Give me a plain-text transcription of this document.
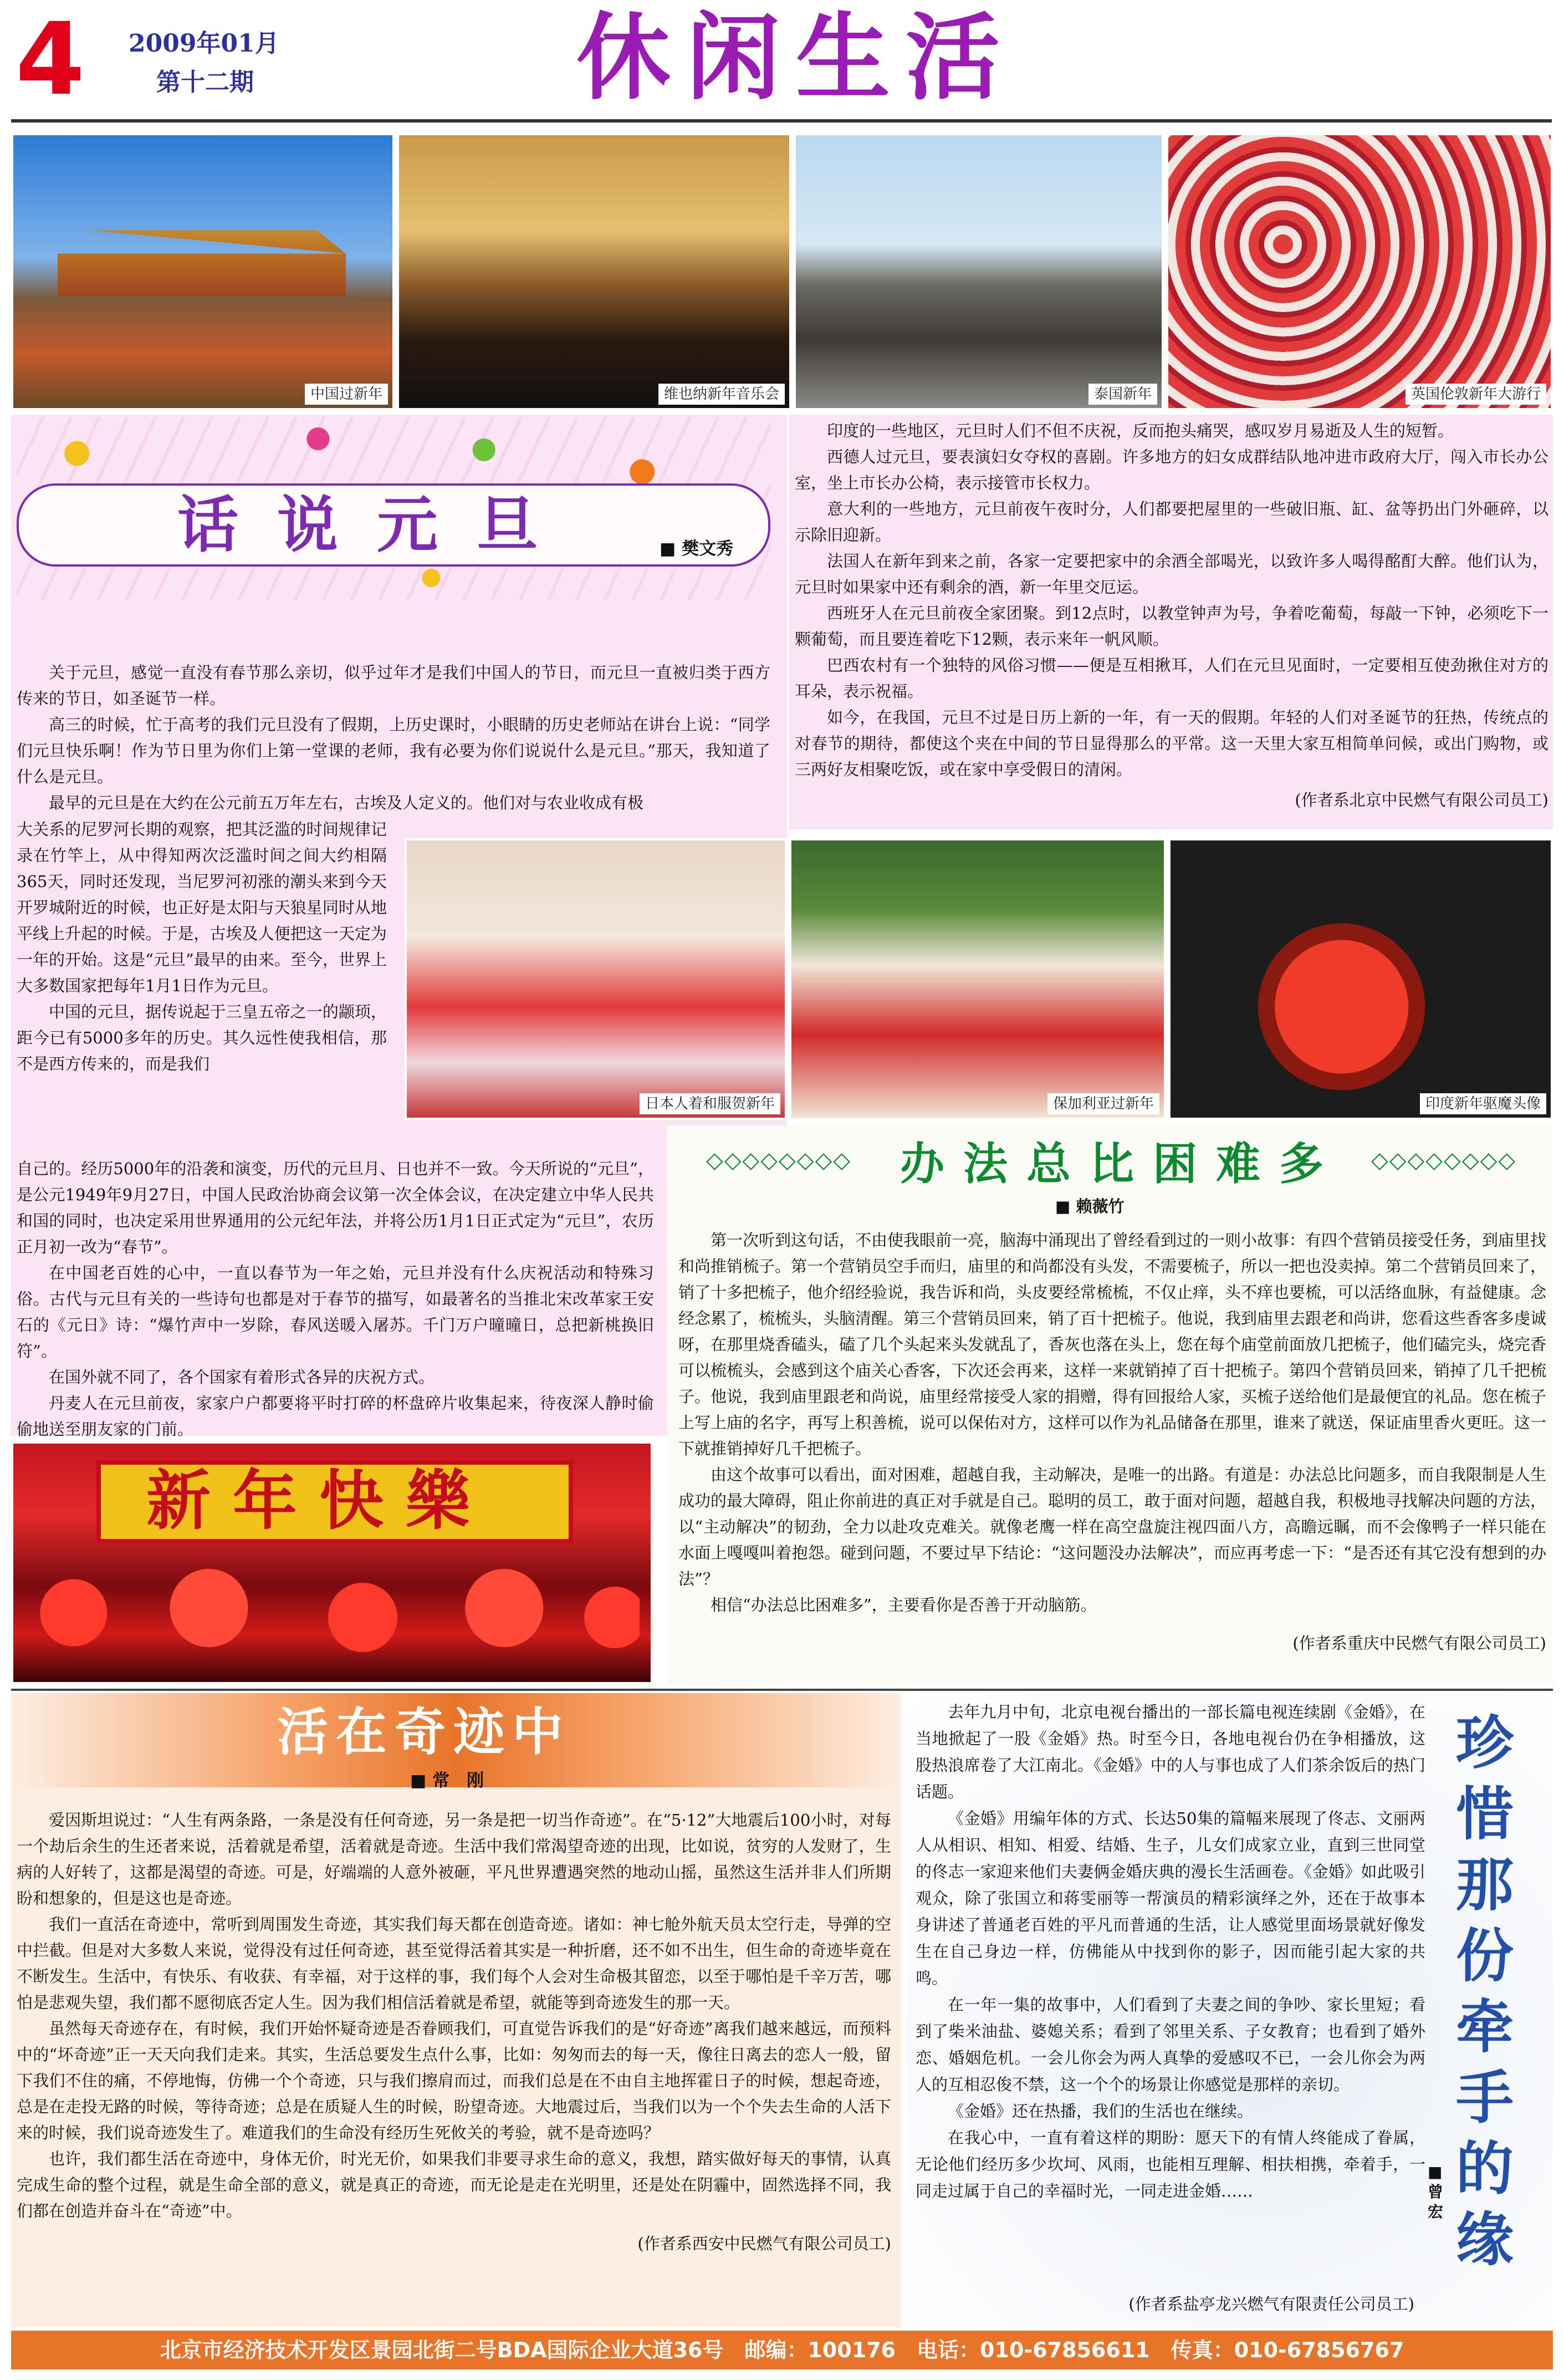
4 2009年01月
第十二期	休闲生活
中国过新年	维也纳新年音乐会	泰国新年	英国伦敦新年大游行
话说元旦	■ 樊文秀

关于元旦，感觉一直没有春节那么亲切，似乎过年才是我们中国人的节日，而元旦一直被归类于西方传来的节日，如圣诞节一样。

高三的时候，忙于高考的我们元旦没有了假期，上历史课时，小眼睛的历史老师站在讲台上说：“同学们元旦快乐啊！作为节日里为你们上第一堂课的老师，我有必要为你们说说什么是元旦。”那天，我知道了什么是元旦。

最早的元旦是在大约在公元前五万年左右，古埃及人定义的。他们对与农业收成有极

大关系的尼罗河长期的观察，把其泛滥的时间规律记录在竹竿上，从中得知两次泛滥时间之间大约相隔365天，同时还发现，当尼罗河初涨的潮头来到今天开罗城附近的时候，也正好是太阳与天狼星同时从地平线上升起的时候。于是，古埃及人便把这一天定为一年的开始。这是“元旦”最早的由来。至今，世界上大多数国家把每年1月1日作为元旦。

中国的元旦，据传说起于三皇五帝之一的颛顼，距今已有5000多年的历史。其久远性使我相信，那不是西方传来的，而是我们

自己的。经历5000年的沿袭和演变，历代的元旦月、日也并不一致。今天所说的“元旦”，是公元1949年9月27日，中国人民政治协商会议第一次全体会议，在决定建立中华人民共和国的同时，也决定采用世界通用的公元纪年法，并将公历1月1日正式定为“元旦”，农历正月初一改为“春节”。

在中国老百姓的心中，一直以春节为一年之始，元旦并没有什么庆祝活动和特殊习俗。古代与元旦有关的一些诗句也都是对于春节的描写，如最著名的当推北宋改革家王安石的《元日》诗：“爆竹声中一岁除，春风送暖入屠苏。千门万户曈曈日，总把新桃换旧符”。

在国外就不同了，各个国家有着形式各异的庆祝方式。

丹麦人在元旦前夜，家家户户都要将平时打碎的杯盘碎片收集起来，待夜深人静时偷偷地送至朋友家的门前。

印度的一些地区，元旦时人们不但不庆祝，反而抱头痛哭，感叹岁月易逝及人生的短暂。

西德人过元旦，要表演妇女夺权的喜剧。许多地方的妇女成群结队地冲进市政府大厅，闯入市长办公室，坐上市长办公椅，表示接管市长权力。

意大利的一些地方，元旦前夜午夜时分，人们都要把屋里的一些破旧瓶、缸、盆等扔出门外砸碎，以示除旧迎新。

法国人在新年到来之前，各家一定要把家中的余酒全部喝光，以致许多人喝得酩酊大醉。他们认为，元旦时如果家中还有剩余的酒，新一年里交厄运。

西班牙人在元旦前夜全家团聚。到12点时，以教堂钟声为号，争着吃葡萄，每敲一下钟，必须吃下一颗葡萄，而且要连着吃下12颗，表示来年一帆风顺。

巴西农村有一个独特的风俗习惯——便是互相揪耳，人们在元旦见面时，一定要相互使劲揪住对方的耳朵，表示祝福。

如今，在我国，元旦不过是日历上新的一年，有一天的假期。年轻的人们对圣诞节的狂热，传统点的对春节的期待，都使这个夹在中间的节日显得那么的平常。这一天里大家互相简单问候，或出门购物，或三两好友相聚吃饭，或在家中享受假日的清闲。

(作者系北京中民燃气有限公司员工)
日本人着和服贺新年	保加利亚过新年	印度新年驱魔头像
新年快樂
◇◇◇◇◇◇◇◇ 办法总比困难多 ◇◇◇◇◇◇◇◇
■ 赖薇竹

第一次听到这句话，不由使我眼前一亮，脑海中涌现出了曾经看到过的一则小故事：有四个营销员接受任务，到庙里找和尚推销梳子。第一个营销员空手而归，庙里的和尚都没有头发，不需要梳子，所以一把也没卖掉。第二个营销员回来了，销了十多把梳子，他介绍经验说，我告诉和尚，头皮要经常梳梳，不仅止痒，头不痒也要梳，可以活络血脉，有益健康。念经念累了，梳梳头，头脑清醒。第三个营销员回来，销了百十把梳子。他说，我到庙里去跟老和尚讲，您看这些香客多虔诚呀，在那里烧香磕头，磕了几个头起来头发就乱了，香灰也落在头上，您在每个庙堂前面放几把梳子，他们磕完头，烧完香可以梳梳头，会感到这个庙关心香客，下次还会再来，这样一来就销掉了百十把梳子。第四个营销员回来，销掉了几千把梳子。他说，我到庙里跟老和尚说，庙里经常接受人家的捐赠，得有回报给人家，买梳子送给他们是最便宜的礼品。您在梳子上写上庙的名字，再写上积善梳，说可以保佑对方，这样可以作为礼品储备在那里，谁来了就送，保证庙里香火更旺。这一下就推销掉好几千把梳子。

由这个故事可以看出，面对困难，超越自我，主动解决，是唯一的出路。有道是：办法总比问题多，而自我限制是人生成功的最大障碍，阻止你前进的真正对手就是自己。聪明的员工，敢于面对问题，超越自我，积极地寻找解决问题的方法，以“主动解决”的韧劲，全力以赴攻克难关。就像老鹰一样在高空盘旋注视四面八方，高瞻远瞩，而不会像鸭子一样只能在水面上嘎嘎叫着抱怨。碰到问题，不要过早下结论：“这问题没办法解决”，而应再考虑一下：“是否还有其它没有想到的办法”？

相信“办法总比困难多”，主要看你是否善于开动脑筋。

(作者系重庆中民燃气有限公司员工)
活在奇迹中
■ 常　刚

爱因斯坦说过：“人生有两条路，一条是没有任何奇迹，另一条是把一切当作奇迹”。在“5·12”大地震后100小时，对每一个劫后余生的生还者来说，活着就是希望，活着就是奇迹。生活中我们常渴望奇迹的出现，比如说，贫穷的人发财了，生病的人好转了，这都是渴望的奇迹。可是，好端端的人意外被砸，平凡世界遭遇突然的地动山摇，虽然这生活并非人们所期盼和想象的，但是这也是奇迹。

我们一直活在奇迹中，常听到周围发生奇迹，其实我们每天都在创造奇迹。诸如：神七舱外航天员太空行走，导弹的空中拦截。但是对大多数人来说，觉得没有过任何奇迹，甚至觉得活着其实是一种折磨，还不如不出生，但生命的奇迹毕竟在不断发生。生活中，有快乐、有收获、有幸福，对于这样的事，我们每个人会对生命极其留恋，以至于哪怕是千辛万苦，哪怕是悲观失望，我们都不愿彻底否定人生。因为我们相信活着就是希望，就能等到奇迹发生的那一天。

虽然每天奇迹存在，有时候，我们开始怀疑奇迹是否眷顾我们，可直觉告诉我们的是“好奇迹”离我们越来越远，而预料中的“坏奇迹”正一天天向我们走来。其实，生活总要发生点什么事，比如：匆匆而去的每一天，像往日离去的恋人一般，留下我们不住的痛，不停地悔，仿佛一个个奇迹，只与我们擦肩而过，而我们总是在不由自主地挥霍日子的时候，想起奇迹，总是在走投无路的时候，等待奇迹；总是在质疑人生的时候，盼望奇迹。大地震过后，当我们以为一个个失去生命的人活下来的时候，我们说奇迹发生了。难道我们的生命没有经历生死攸关的考验，就不是奇迹吗？

也许，我们都生活在奇迹中，身体无价，时光无价，如果我们非要寻求生命的意义，我想，踏实做好每天的事情，认真完成生命的整个过程，就是生命全部的意义，就是真正的奇迹，而无论是走在光明里，还是处在阴霾中，固然选择不同，我们都在创造并奋斗在“奇迹”中。

(作者系西安中民燃气有限公司员工)

去年九月中旬，北京电视台播出的一部长篇电视连续剧《金婚》，在当地掀起了一股《金婚》热。时至今日，各地电视台仍在争相播放，这股热浪席卷了大江南北。《金婚》中的人与事也成了人们茶余饭后的热门话题。

《金婚》用编年体的方式、长达50集的篇幅来展现了佟志、文丽两人从相识、相知、相爱、结婚、生子，儿女们成家立业，直到三世同堂的佟志一家迎来他们夫妻俩金婚庆典的漫长生活画卷。《金婚》如此吸引观众，除了张国立和蒋雯丽等一帮演员的精彩演绎之外，还在于故事本身讲述了普通老百姓的平凡而普通的生活，让人感觉里面场景就好像发生在自己身边一样，仿佛能从中找到你的影子，因而能引起大家的共鸣。

在一年一集的故事中，人们看到了夫妻之间的争吵、家长里短；看到了柴米油盐、婆媳关系；看到了邻里关系、子女教育；也看到了婚外恋、婚姻危机。一会儿你会为两人真挚的爱感叹不已，一会儿你会为两人的互相忍俊不禁，这一个个的场景让你感觉是那样的亲切。

《金婚》还在热播，我们的生活也在继续。

在我心中，一直有着这样的期盼：愿天下的有情人终能成了眷属，无论他们经历多少坎坷、风雨，也能相互理解、相扶相携，牵着手，一同走过属于自己的幸福时光，一同走进金婚……

(作者系盐亭龙兴燃气有限责任公司员工)
珍
惜
那
份
牵
手
的
缘
■ 曾宏
北京市经济技术开发区景园北街二号BDA国际企业大道36号　邮编：100176　电话：010-67856611　传真：010-67856767
